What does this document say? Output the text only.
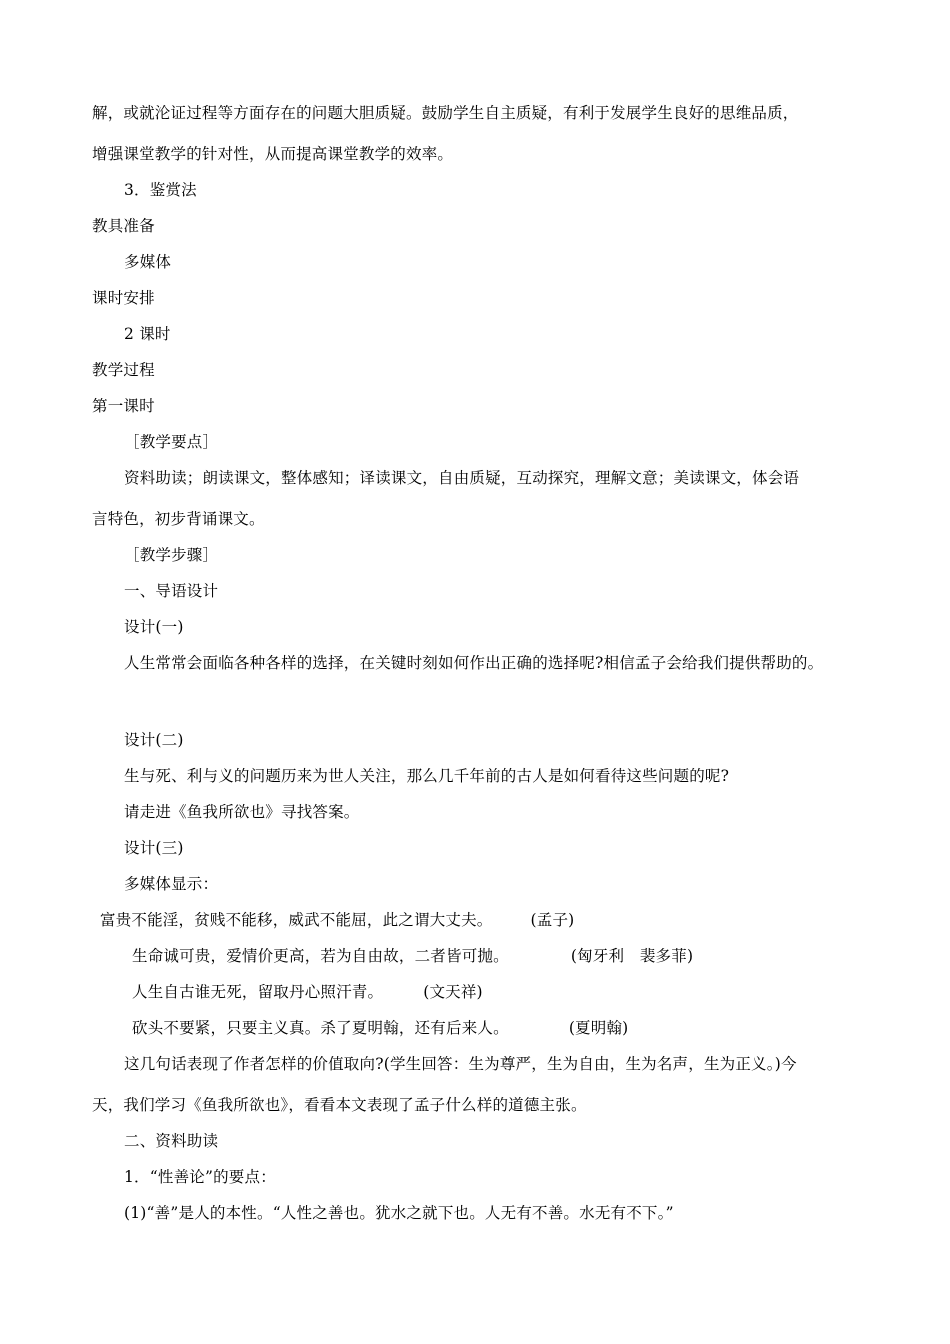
解，或就沦证过程等方面存在的问题大胆质疑。鼓励学生自主质疑，有利于发展学生良好的思维品质，
增强课堂教学的针对性，从而提高课堂教学的效率。
3．鉴赏法
教具准备
多媒体
课时安排
2 课时
教学过程
第一课时
［教学要点］
资料助读；朗读课文，整体感知；译读课文，自由质疑，互动探究，理解文意；美读课文，体会语
言特色，初步背诵课文。
［教学步骤］
一、导语设计
设计(一)
人生常常会面临各种各样的选择，在关键时刻如何作出正确的选择呢?相信孟子会给我们提供帮助的。
设计(二)
生与死、利与义的问题历来为世人关注，那么几千年前的古人是如何看待这些问题的呢?
请走进《鱼我所欲也》寻找答案。
设计(三)
多媒体显示：
富贵不能淫，贫贱不能移，威武不能屈，此之谓大丈夫。 (孟子)
生命诚可贵，爱情价更高，若为自由故，二者皆可抛。	(匈牙利　裴多菲)
人生自古谁无死，留取丹心照汗青。	(文天祥)
砍头不要紧，只要主义真。杀了夏明翰，还有后来人。	(夏明翰)
这几句话表现了作者怎样的价值取向?(学生回答：生为尊严，生为自由，生为名声，生为正义。)今
天，我们学习《鱼我所欲也》，看看本文表现了孟子什么样的道德主张。
二、资料助读
1．“性善论”的要点：
(1)“善”是人的本性。“人性之善也。犹水之就下也。人无有不善。水无有不下。”
